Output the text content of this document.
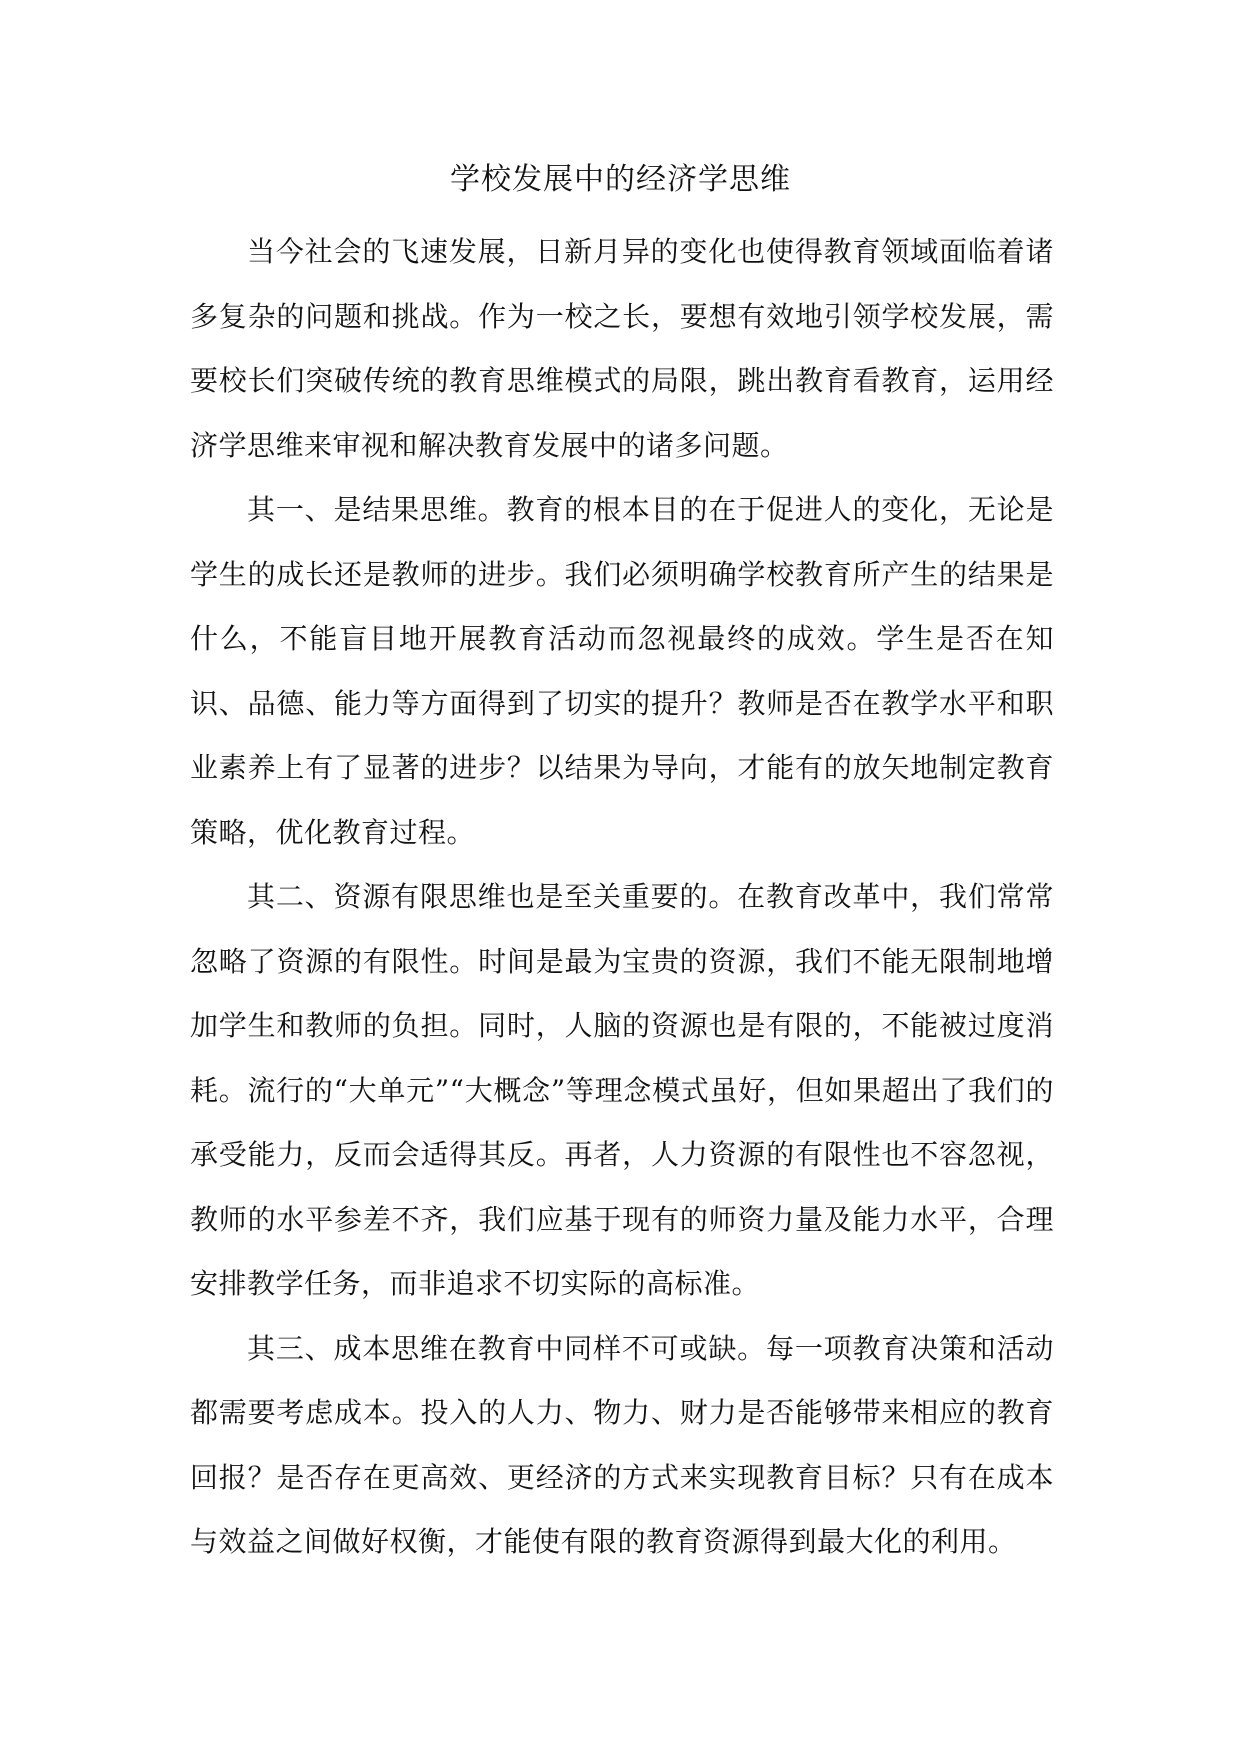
学校发展中的经济学思维

当今社会的飞速发展，日新月异的变化也使得教育领域面临着诸多复杂的问题和挑战。作为一校之长，要想有效地引领学校发展，需要校长们突破传统的教育思维模式的局限，跳出教育看教育，运用经济学思维来审视和解决教育发展中的诸多问题。

其一、是结果思维。教育的根本目的在于促进人的变化，无论是学生的成长还是教师的进步。我们必须明确学校教育所产生的结果是什么，不能盲目地开展教育活动而忽视最终的成效。学生是否在知识、品德、能力等方面得到了切实的提升？教师是否在教学水平和职业素养上有了显著的进步？以结果为导向，才能有的放矢地制定教育策略，优化教育过程。

其二、资源有限思维也是至关重要的。在教育改革中，我们常常忽略了资源的有限性。时间是最为宝贵的资源，我们不能无限制地增加学生和教师的负担。同时，人脑的资源也是有限的，不能被过度消耗。流行的“大单元”“大概念”等理念模式虽好，但如果超出了我们的承受能力，反而会适得其反。再者，人力资源的有限性也不容忽视，教师的水平参差不齐，我们应基于现有的师资力量及能力水平，合理安排教学任务，而非追求不切实际的高标准。

其三、成本思维在教育中同样不可或缺。每一项教育决策和活动都需要考虑成本。投入的人力、物力、财力是否能够带来相应的教育回报？是否存在更高效、更经济的方式来实现教育目标？只有在成本与效益之间做好权衡，才能使有限的教育资源得到最大化的利用。
